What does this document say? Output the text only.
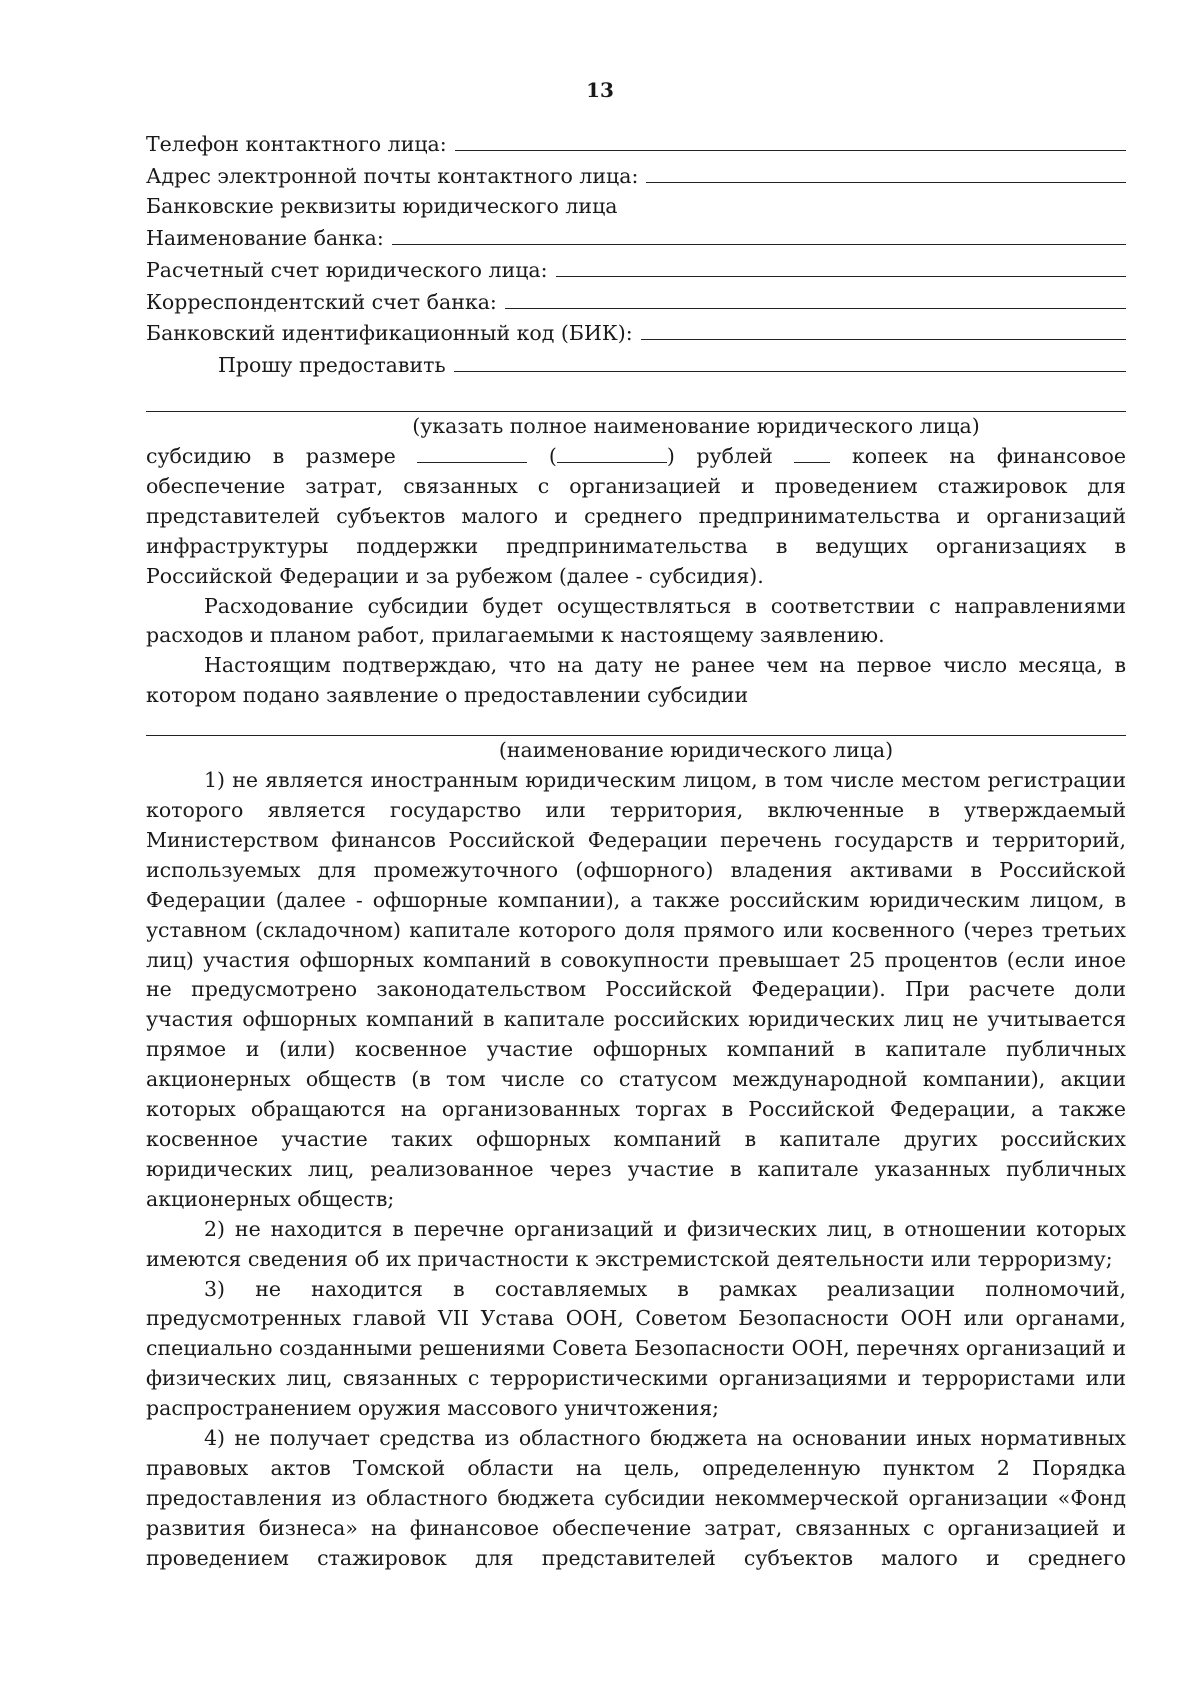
13
Телефон контактного лица:
Адрес электронной почты контактного лица:
Банковские реквизиты юридического лица
Наименование банка:
Расчетный счет юридического лица:
Корреспондентский счет банка:
Банковский идентификационный код (БИК):
Прошу предоставить
(указать полное наименование юридического лица)

субсидию в размере	(	) рублей	копеек на финансовое обеспечение затрат, связанных с организацией и проведением стажировок для представителей субъектов малого и среднего предпринимательства и организаций инфраструктуры поддержки предпринимательства в ведущих организациях в Российской Федерации и за рубежом (далее - субсидия).

Расходование субсидии будет осуществляться в соответствии с направлениями расходов и планом работ, прилагаемыми к настоящему заявлению.

Настоящим подтверждаю, что на дату не ранее чем на первое число месяца, в котором подано заявление о предоставлении субсидии

(наименование юридического лица)

1) не является иностранным юридическим лицом, в том числе местом регистрации которого является государство или территория, включенные в утверждаемый Министерством финансов Российской Федерации перечень государств и территорий, используемых для промежуточного (офшорного) владения активами в Российской Федерации (далее - офшорные компании), а также российским юридическим лицом, в уставном (складочном) капитале которого доля прямого или косвенного (через третьих лиц) участия офшорных компаний в совокупности превышает 25 процентов (если иное не предусмотрено законодательством Российской Федерации). При расчете доли участия офшорных компаний в капитале российских юридических лиц не учитывается прямое и (или) косвенное участие офшорных компаний в капитале публичных акционерных обществ (в том числе со статусом международной компании), акции которых обращаются на организованных торгах в Российской Федерации, а также косвенное участие таких офшорных компаний в капитале других российских юридических лиц, реализованное через участие в капитале указанных публичных акционерных обществ;

2) не находится в перечне организаций и физических лиц, в отношении которых имеются сведения об их причастности к экстремистской деятельности или терроризму;

3) не находится в составляемых в рамках реализации полномочий, предусмотренных главой VII Устава ООН, Советом Безопасности ООН или органами, специально созданными решениями Совета Безопасности ООН, перечнях организаций и физических лиц, связанных с террористическими организациями и террористами или распространением оружия массового уничтожения;

4) не получает средства из областного бюджета на основании иных нормативных правовых актов Томской области на цель, определенную пунктом 2 Порядка предоставления из областного бюджета субсидии некоммерческой организации «Фонд развития бизнеса» на финансовое обеспечение затрат, связанных с организацией и проведением стажировок для представителей субъектов малого и среднего
